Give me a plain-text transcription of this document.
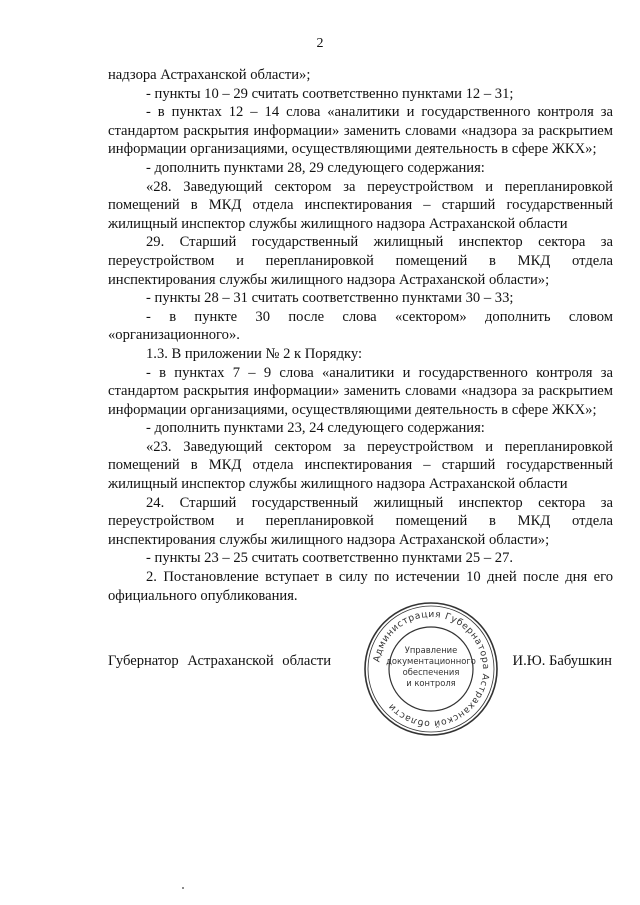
2

надзора Астраханской области»;

- пункты 10 – 29 считать соответственно пунктами 12 – 31;

- в пунктах 12 – 14 слова «аналитики и государственного контроля за стандартом раскрытия информации» заменить словами «надзора за раскрытием информации организациями, осуществляющими деятельность в сфере ЖКХ»;

- дополнить пунктами 28, 29 следующего содержания:

«28. Заведующий сектором за переустройством и перепланировкой помещений в МКД отдела инспектирования – старший государственный жилищный инспектор службы жилищного надзора Астраханской области

29. Старший государственный жилищный инспектор сектора за переустройством и перепланировкой помещений в МКД отдела инспектирования службы жилищного надзора Астраханской области»;

- пункты 28 – 31 считать соответственно пунктами 30 – 33;

- в пункте 30 после слова «сектором» дополнить словом «организационного».

1.3. В приложении № 2 к Порядку:

- в пунктах 7 – 9 слова «аналитики и государственного контроля за стандартом раскрытия информации» заменить словами «надзора за раскрытием информации организациями, осуществляющими деятельность в сфере ЖКХ»;

- дополнить пунктами 23, 24 следующего содержания:

«23. Заведующий сектором за переустройством и перепланировкой помещений в МКД отдела инспектирования – старший государственный жилищный инспектор службы жилищного надзора Астраханской области

24. Старший государственный жилищный инспектор сектора за переустройством и перепланировкой помещений в МКД отдела инспектирования службы жилищного надзора Астраханской области»;

- пункты 23 – 25 считать соответственно пунктами 25 – 27.

2. Постановление вступает в силу по истечении 10 дней после дня его официального опубликования.

Губернатор Астраханской области	И.Ю. Бабушкин
Администрация Губернатора Астраханской области
Управление
документационного
обеспечения
и контроля
